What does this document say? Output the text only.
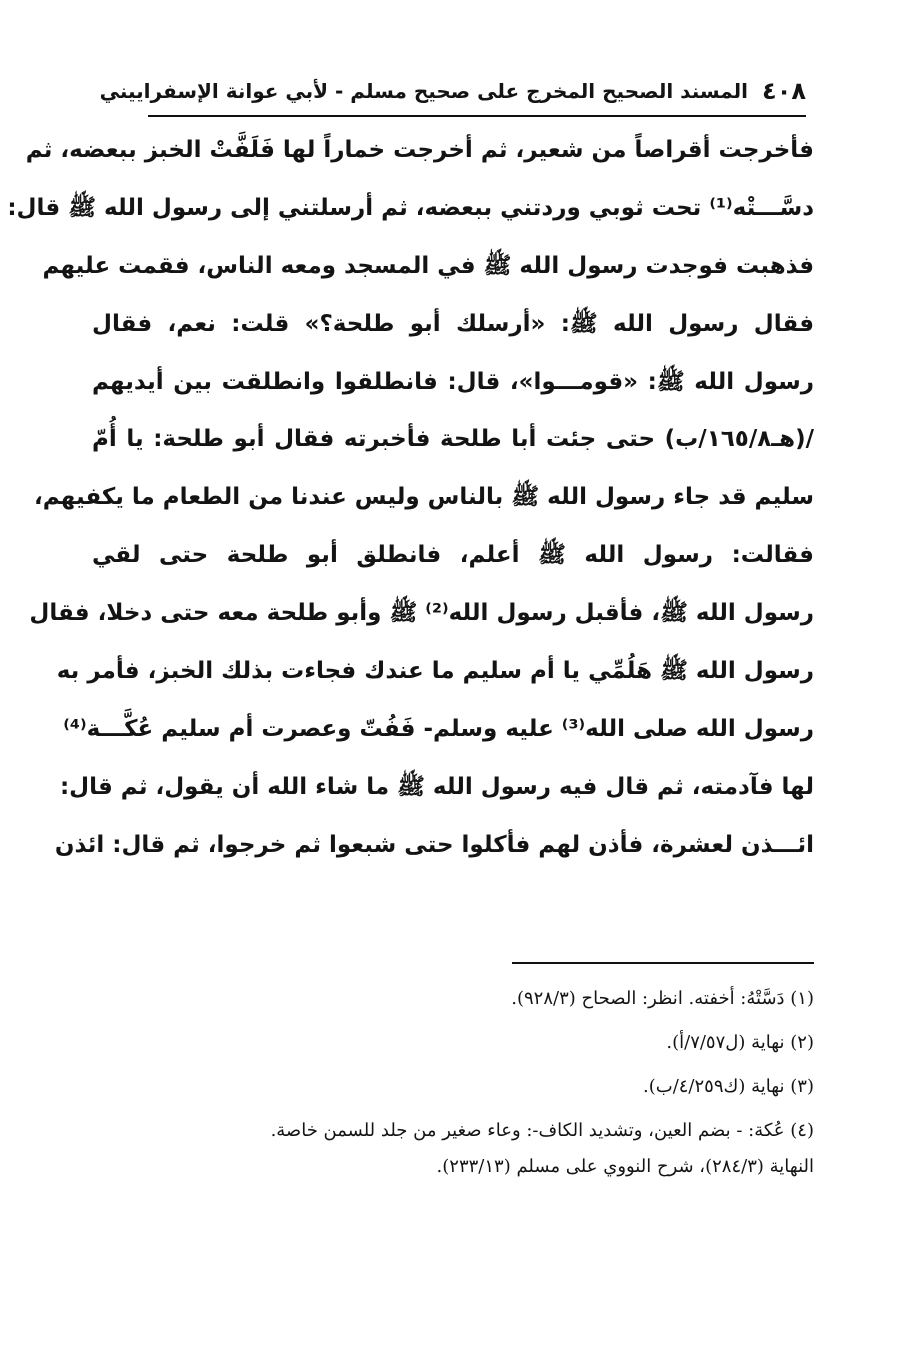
٤٠٨
المسند الصحيح المخرج على صحيح مسلم - لأبي عوانة الإسفراييني
فأخرجت أقراصاً من شعير، ثم أخرجت خماراً لها فَلَفَّتْ الخبز ببعضه، ثم
دسَّـــتْه⁽¹⁾ تحت ثوبي وردتني ببعضه، ثم أرسلتني إلى رسول الله ﷺ قال:
فذهبت فوجدت رسول الله ﷺ في المسجد ومعه الناس، فقمت عليهم
فقال رسول الله ﷺ: «أرسلك أبو طلحة؟» قلت: نعم، فقال
رسول الله ﷺ: «قومـــوا»، قال: فانطلقوا وانطلقت بين أيديهم
/(هـ١٦٥/٨/ب) حتى جئت أبا طلحة فأخبرته فقال أبو طلحة: يا أُمّ
سليم قد جاء رسول الله ﷺ بالناس وليس عندنا من الطعام ما يكفيهم،
فقالت: رسول الله ﷺ أعلم، فانطلق أبو طلحة حتى لقي
رسول الله ﷺ، فأقبل رسول الله⁽²⁾ ﷺ وأبو طلحة معه حتى دخلا، فقال
رسول الله ﷺ هَلُمِّي يا أم سليم ما عندك فجاءت بذلك الخبز، فأمر به
رسول الله صلى الله⁽³⁾ عليه وسلم- فَفُتّ وعصرت أم سليم عُكَّـــة⁽⁴⁾
لها فآدمته، ثم قال فيه رسول الله ﷺ ما شاء الله أن يقول، ثم قال:
ائـــذن لعشرة، فأذن لهم فأكلوا حتى شبعوا ثم خرجوا، ثم قال: ائذن
(١) دَسَّتْهُ: أخفته. انظر: الصحاح (٩٢٨/٣).
(٢) نهاية (ل٧/٥٧/أ).
(٣) نهاية (ك٤/٢٥٩/ب).
(٤) عُكة: - بضم العين، وتشديد الكاف-: وعاء صغير من جلد للسمن خاصة.
النهاية (٢٨٤/٣)، شرح النووي على مسلم (٢٣٣/١٣).
